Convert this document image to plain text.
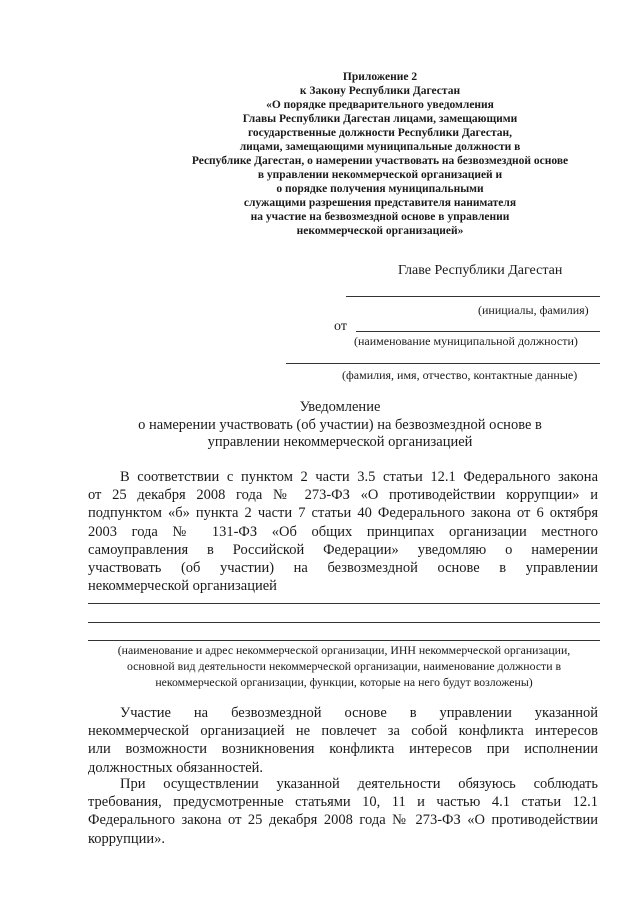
Приложение 2
к Закону Республики Дагестан
«О порядке предварительного уведомления
Главы Республики Дагестан лицами, замещающими
государственные должности Республики Дагестан,
лицами, замещающими муниципальные должности в
Республике Дагестан, о намерении участвовать на безвозмездной основе
в управлении некоммерческой организацией и
о порядке получения муниципальными
служащими разрешения представителя нанимателя
на участие на безвозмездной основе в управлении
некоммерческой организацией»
Главе Республики Дагестан
(инициалы, фамилия)
от
(наименование муниципальной должности)
(фамилия, имя, отчество, контактные данные)
Уведомление
о намерении участвовать (об участии) на безвозмездной основе в
управлении некоммерческой организацией
В соответствии с пунктом 2 части 3.5 статьи 12.1 Федерального закона
от 25 декабря 2008 года № 273-ФЗ «О противодействии коррупции» и
подпунктом «б» пункта 2 части 7 статьи 40 Федерального закона от 6 октября
2003 года № 131-ФЗ «Об общих принципах организации местного
самоуправления в Российской Федерации» уведомляю о намерении
участвовать (об участии) на безвозмездной основе в управлении
некоммерческой организацией
(наименование и адрес некоммерческой организации, ИНН некоммерческой организации,
основной вид деятельности некоммерческой организации, наименование должности в
некоммерческой организации, функции, которые на него будут возложены)
Участие на безвозмездной основе в управлении указанной
некоммерческой организацией не повлечет за собой конфликта интересов
или возможности возникновения конфликта интересов при исполнении
должностных обязанностей.
При осуществлении указанной деятельности обязуюсь соблюдать
требования, предусмотренные статьями 10, 11 и частью 4.1 статьи 12.1
Федерального закона от 25 декабря 2008 года № 273-ФЗ «О противодействии
коррупции».
